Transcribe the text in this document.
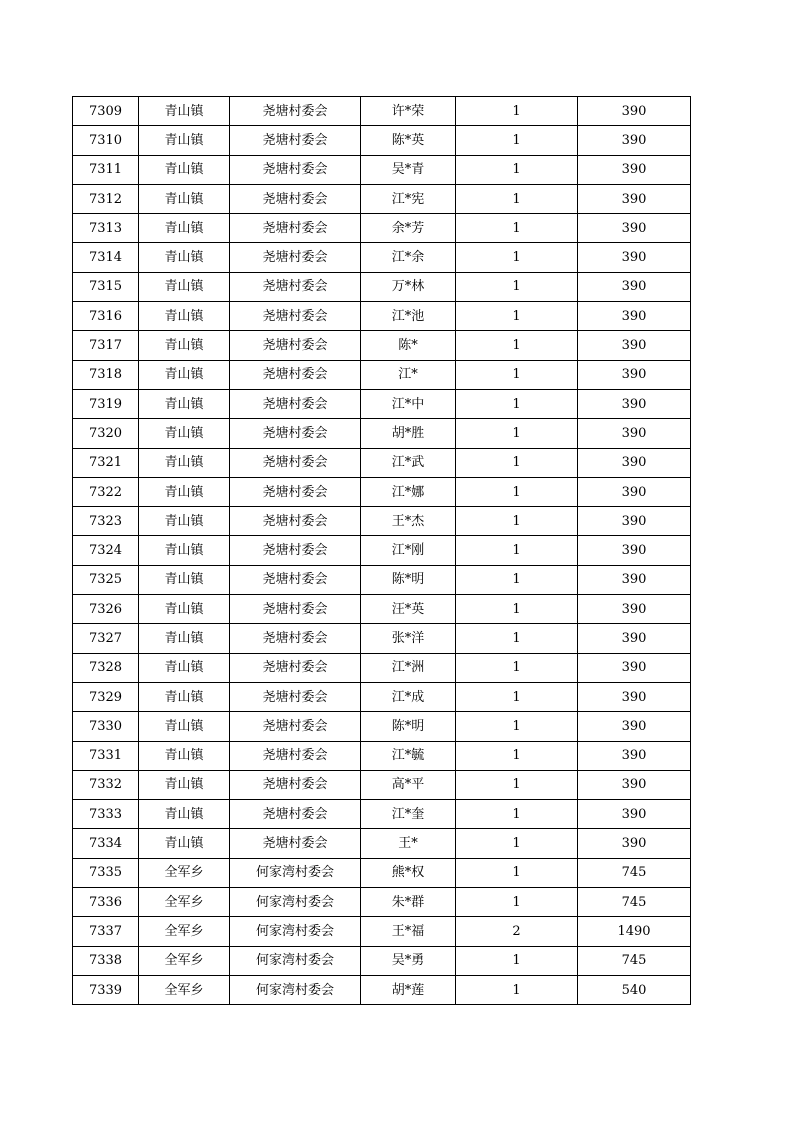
7309	青山镇	尧塘村委会	许*荣	1	390
7310	青山镇	尧塘村委会	陈*英	1	390
7311	青山镇	尧塘村委会	吴*青	1	390
7312	青山镇	尧塘村委会	江*宪	1	390
7313	青山镇	尧塘村委会	余*芳	1	390
7314	青山镇	尧塘村委会	江*余	1	390
7315	青山镇	尧塘村委会	万*林	1	390
7316	青山镇	尧塘村委会	江*池	1	390
7317	青山镇	尧塘村委会	陈*	1	390
7318	青山镇	尧塘村委会	江*	1	390
7319	青山镇	尧塘村委会	江*中	1	390
7320	青山镇	尧塘村委会	胡*胜	1	390
7321	青山镇	尧塘村委会	江*武	1	390
7322	青山镇	尧塘村委会	江*娜	1	390
7323	青山镇	尧塘村委会	王*杰	1	390
7324	青山镇	尧塘村委会	江*刚	1	390
7325	青山镇	尧塘村委会	陈*明	1	390
7326	青山镇	尧塘村委会	汪*英	1	390
7327	青山镇	尧塘村委会	张*洋	1	390
7328	青山镇	尧塘村委会	江*洲	1	390
7329	青山镇	尧塘村委会	江*成	1	390
7330	青山镇	尧塘村委会	陈*明	1	390
7331	青山镇	尧塘村委会	江*毓	1	390
7332	青山镇	尧塘村委会	高*平	1	390
7333	青山镇	尧塘村委会	江*奎	1	390
7334	青山镇	尧塘村委会	王*	1	390
7335	全军乡	何家湾村委会	熊*权	1	745
7336	全军乡	何家湾村委会	朱*群	1	745
7337	全军乡	何家湾村委会	王*福	2	1490
7338	全军乡	何家湾村委会	吴*勇	1	745
7339	全军乡	何家湾村委会	胡*莲	1	540
